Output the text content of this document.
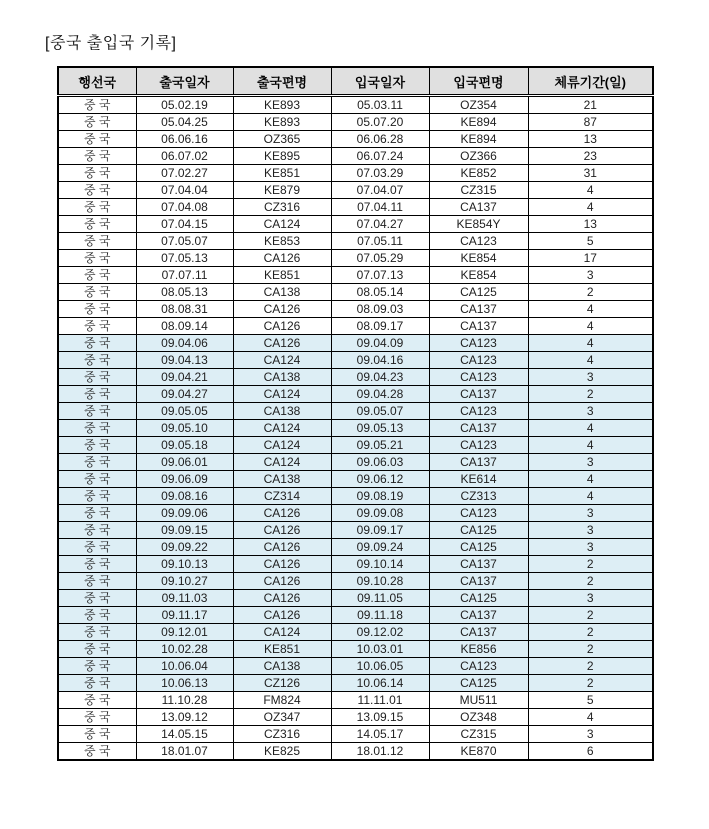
[중국 출입국 기록]
행선국	출국일자	출국편명	입국일자	입국편명	체류기간(일)
중 국	05.02.19	KE893	05.03.11	OZ354	21
중 국	05.04.25	KE893	05.07.20	KE894	87
중 국	06.06.16	OZ365	06.06.28	KE894	13
중 국	06.07.02	KE895	06.07.24	OZ366	23
중 국	07.02.27	KE851	07.03.29	KE852	31
중 국	07.04.04	KE879	07.04.07	CZ315	4
중 국	07.04.08	CZ316	07.04.11	CA137	4
중 국	07.04.15	CA124	07.04.27	KE854Y	13
중 국	07.05.07	KE853	07.05.11	CA123	5
중 국	07.05.13	CA126	07.05.29	KE854	17
중 국	07.07.11	KE851	07.07.13	KE854	3
중 국	08.05.13	CA138	08.05.14	CA125	2
중 국	08.08.31	CA126	08.09.03	CA137	4
중 국	08.09.14	CA126	08.09.17	CA137	4
중 국	09.04.06	CA126	09.04.09	CA123	4
중 국	09.04.13	CA124	09.04.16	CA123	4
중 국	09.04.21	CA138	09.04.23	CA123	3
중 국	09.04.27	CA124	09.04.28	CA137	2
중 국	09.05.05	CA138	09.05.07	CA123	3
중 국	09.05.10	CA124	09.05.13	CA137	4
중 국	09.05.18	CA124	09.05.21	CA123	4
중 국	09.06.01	CA124	09.06.03	CA137	3
중 국	09.06.09	CA138	09.06.12	KE614	4
중 국	09.08.16	CZ314	09.08.19	CZ313	4
중 국	09.09.06	CA126	09.09.08	CA123	3
중 국	09.09.15	CA126	09.09.17	CA125	3
중 국	09.09.22	CA126	09.09.24	CA125	3
중 국	09.10.13	CA126	09.10.14	CA137	2
중 국	09.10.27	CA126	09.10.28	CA137	2
중 국	09.11.03	CA126	09.11.05	CA125	3
중 국	09.11.17	CA126	09.11.18	CA137	2
중 국	09.12.01	CA124	09.12.02	CA137	2
중 국	10.02.28	KE851	10.03.01	KE856	2
중 국	10.06.04	CA138	10.06.05	CA123	2
중 국	10.06.13	CZ126	10.06.14	CA125	2
중 국	11.10.28	FM824	11.11.01	MU511	5
중 국	13.09.12	OZ347	13.09.15	OZ348	4
중 국	14.05.15	CZ316	14.05.17	CZ315	3
중 국	18.01.07	KE825	18.01.12	KE870	6
